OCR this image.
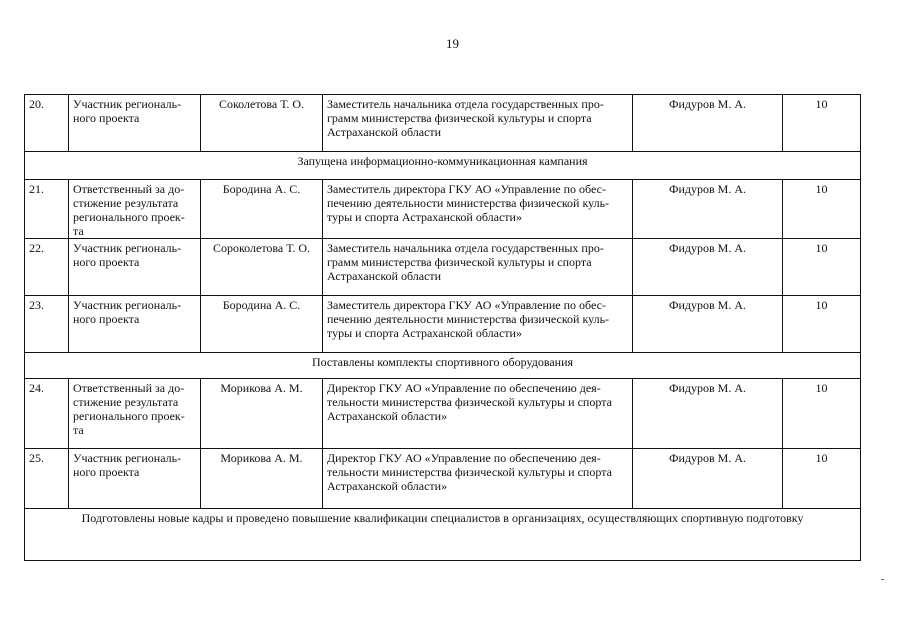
19
20.	Участник региональ-
ного проекта	Соколетова Т. О.	Заместитель начальника отдела государственных про-
грамм министерства физической культуры и спорта
Астраханской области	Фидуров М. А.	10
Запущена информационно-коммуникационная кампания					
21.	Ответственный за до-
стижение результата
регионального проек-
та	Бородина А. С.	Заместитель директора ГКУ АО «Управление по обес-
печению деятельности министерства физической куль-
туры и спорта Астраханской области»	Фидуров М. А.	10
22.	Участник региональ-
ного проекта	Сороколетова Т. О.	Заместитель начальника отдела государственных про-
грамм министерства физической культуры и спорта
Астраханской области	Фидуров М. А.	10
23.	Участник региональ-
ного проекта	Бородина А. С.	Заместитель директора ГКУ АО «Управление по обес-
печению деятельности министерства физической куль-
туры и спорта Астраханской области»	Фидуров М. А.	10
Поставлены комплекты спортивного оборудования					
24.	Ответственный за до-
стижение результата
регионального проек-
та	Морикова А. М.	Директор ГКУ АО «Управление по обеспечению дея-
тельности министерства физической культуры и спорта
Астраханской области»	Фидуров М. А.	10
25.	Участник региональ-
ного проекта	Морикова А. М.	Директор ГКУ АО «Управление по обеспечению дея-
тельности министерства физической культуры и спорта
Астраханской области»	Фидуров М. А.	10
Подготовлены новые кадры и проведено повышение квалификации специалистов в организациях, осуществляющих спортивную подготовку					
-
